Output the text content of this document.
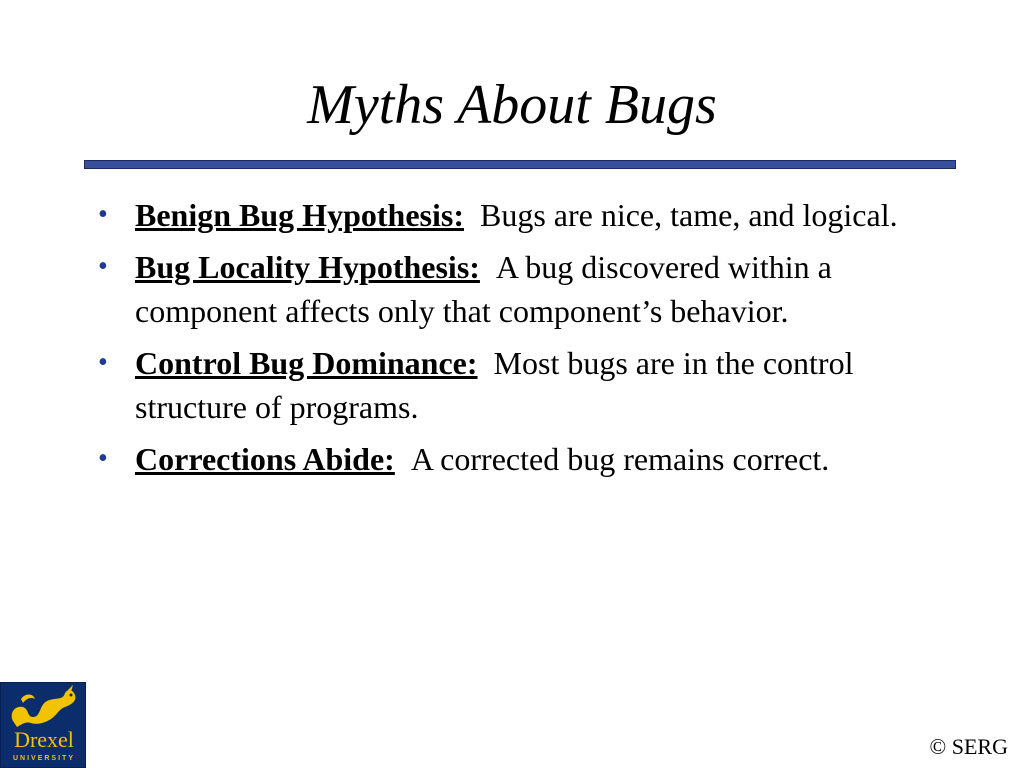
Myths About Bugs
• Benign Bug Hypothesis: Bugs are nice, tame, and logical.
• Bug Locality Hypothesis: A bug discovered within a component affects only that component’s behavior.
• Control Bug Dominance: Most bugs are in the control structure of programs.
• Corrections Abide: A corrected bug remains correct.
Drexel
UNIVERSITY	© SERG
